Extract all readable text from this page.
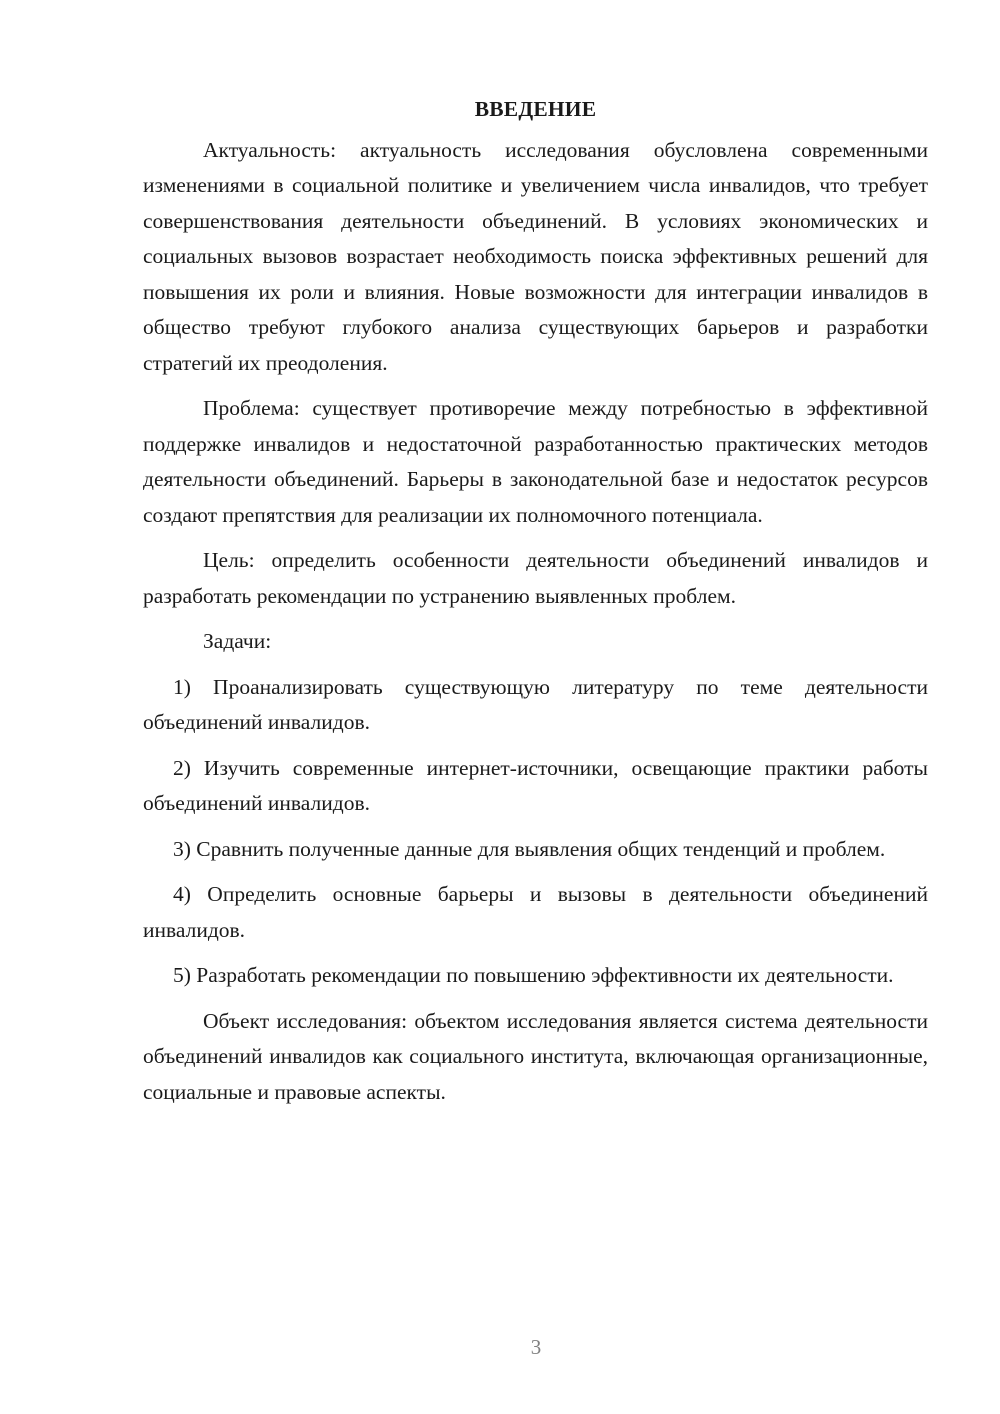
ВВЕДЕНИЕ

Актуальность: актуальность исследования обусловлена современными изменениями в социальной политике и увеличением числа инвалидов, что требует совершенствования деятельности объединений. В условиях экономических и социальных вызовов возрастает необходимость поиска эффективных решений для повышения их роли и влияния. Новые возможности для интеграции инвалидов в общество требуют глубокого анализа существующих барьеров и разработки стратегий их преодоления.

Проблема: существует противоречие между потребностью в эффективной поддержке инвалидов и недостаточной разработанностью практических методов деятельности объединений. Барьеры в законодательной базе и недостаток ресурсов создают препятствия для реализации их полномочного потенциала.

Цель: определить особенности деятельности объединений инвалидов и разработать рекомендации по устранению выявленных проблем.

Задачи:

1) Проанализировать существующую литературу по теме деятельности объединений инвалидов.

2) Изучить современные интернет-источники, освещающие практики работы объединений инвалидов.

3) Сравнить полученные данные для выявления общих тенденций и проблем.

4) Определить основные барьеры и вызовы в деятельности объединений инвалидов.

5) Разработать рекомендации по повышению эффективности их деятельности.

Объект исследования: объектом исследования является система деятельности объединений инвалидов как социального института, включающая организационные, социальные и правовые аспекты.

3
